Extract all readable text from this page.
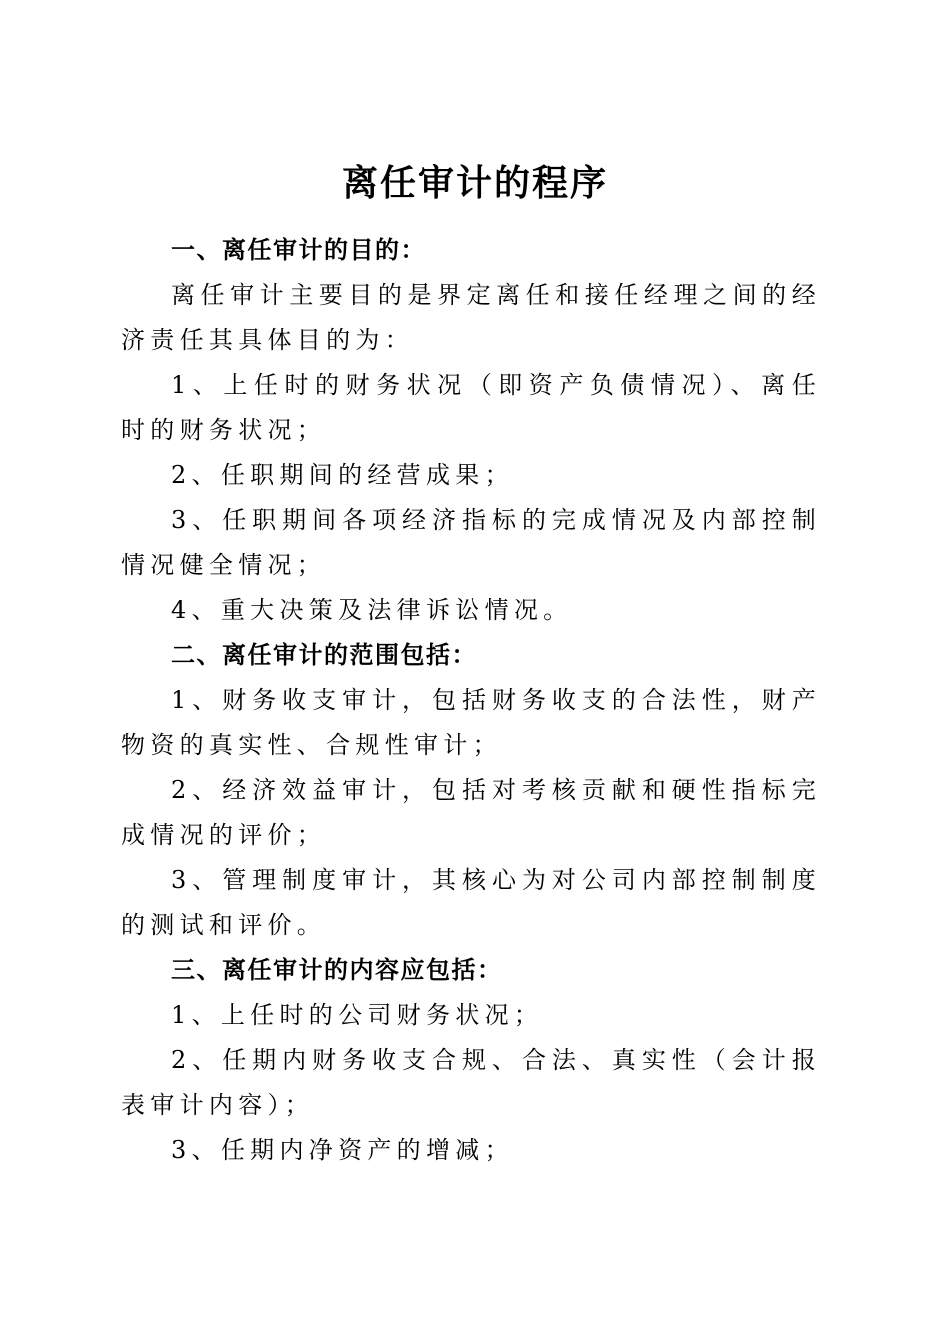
离任审计的程序
一、离任审计的目的：

离任审计主要目的是界定离任和接任经理之间的经济责任其具体目的为：

1、上任时的财务状况（即资产负债情况）、离任时的财务状况；

2、任职期间的经营成果；

3、任职期间各项经济指标的完成情况及内部控制情况健全情况；

4、重大决策及法律诉讼情况。

二、离任审计的范围包括：

1、财务收支审计，包括财务收支的合法性，财产物资的真实性、合规性审计；

2、经济效益审计，包括对考核贡献和硬性指标完成情况的评价；

3、管理制度审计，其核心为对公司内部控制制度的测试和评价。

三、离任审计的内容应包括：

1、上任时的公司财务状况；

2、任期内财务收支合规、合法、真实性（会计报表审计内容）；

3、任期内净资产的增减；
